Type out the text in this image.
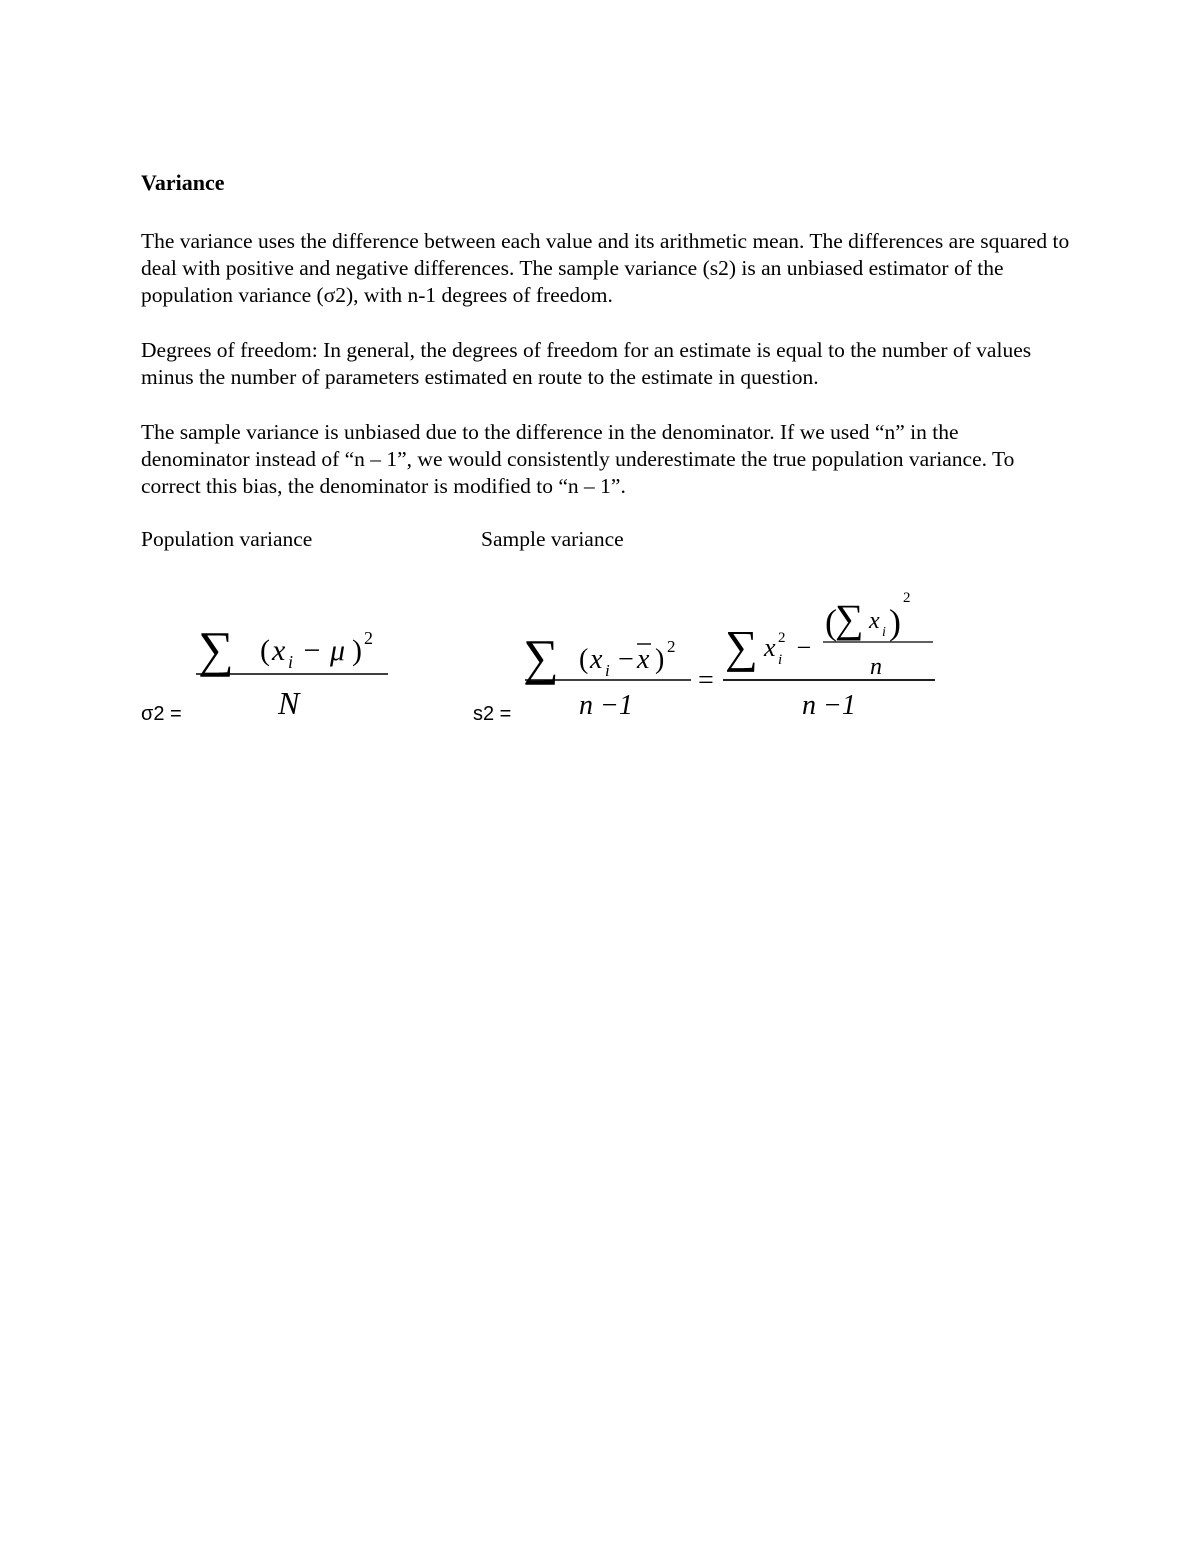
Variance

The variance uses the difference between each value and its arithmetic mean. The differences are squared to deal with positive and negative differences. The sample variance (s2) is an unbiased estimator of the population variance (σ2), with n-1 degrees of freedom.

Degrees of freedom: In general, the degrees of freedom for an estimate is equal to the number of values minus the number of parameters estimated en route to the estimate in question.

The sample variance is unbiased due to the difference in the denominator. If we used “n” in the denominator instead of “n – 1”, we would consistently underestimate the true population variance. To correct this bias, the denominator is modified to “n – 1”.

Population variance	Sample variance

σ2 =	s2 =
∑ ( x i − μ ) 2
N
∑ ( x i − x ) 2
n −1
=
∑ x 2
i −
(
∑ x i )
2
n
n −1
